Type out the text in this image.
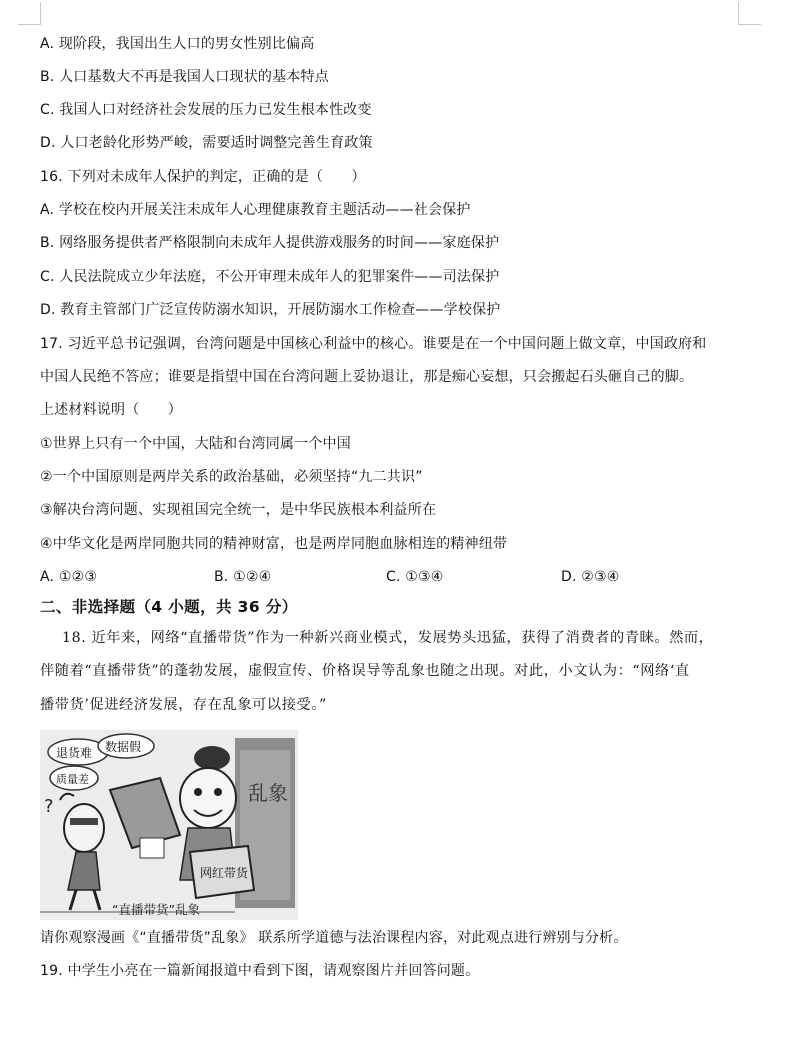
A. 现阶段，我国出生人口的男女性别比偏高

B. 人口基数大不再是我国人口现状的基本特点

C. 我国人口对经济社会发展的压力已发生根本性改变

D. 人口老龄化形势严峻，需要适时调整完善生育政策

16. 下列对未成年人保护的判定，正确的是（　　）

A. 学校在校内开展关注未成年人心理健康教育主题活动——社会保护

B. 网络服务提供者严格限制向未成年人提供游戏服务的时间——家庭保护

C. 人民法院成立少年法庭，不公开审理未成年人的犯罪案件——司法保护

D. 教育主管部门广泛宣传防溺水知识，开展防溺水工作检查——学校保护

17. 习近平总书记强调，台湾问题是中国核心利益中的核心。谁要是在一个中国问题上做文章，中国政府和

中国人民绝不答应；谁要是指望中国在台湾问题上妥协退让，那是痴心妄想，只会搬起石头砸自己的脚。

上述材料说明（　　）

①世界上只有一个中国，大陆和台湾同属一个中国

②一个中国原则是两岸关系的政治基础，必须坚持“九二共识”

③解决台湾问题、实现祖国完全统一，是中华民族根本利益所在

④中华文化是两岸同胞共同的精神财富，也是两岸同胞血脉相连的精神纽带

A. ①②③	B. ①②④	C. ①③④	D. ②③④

二、非选择题（4 小题，共 36 分）

18. 近年来，网络“直播带货”作为一种新兴商业模式，发展势头迅猛，获得了消费者的青睐。然而，

伴随着“直播带货”的蓬勃发展，虚假宣传、价格误导等乱象也随之出现。对此，小文认为：“网络‘直

播带货’促进经济发展，存在乱象可以接受。”

乱象
退货难 数据假
质量差
?
网红带货
“直播带货”乱象

请你观察漫画《“直播带货”乱象》 联系所学道德与法治课程内容，对此观点进行辨别与分析。

19. 中学生小亮在一篇新闻报道中看到下图，请观察图片并回答问题。
